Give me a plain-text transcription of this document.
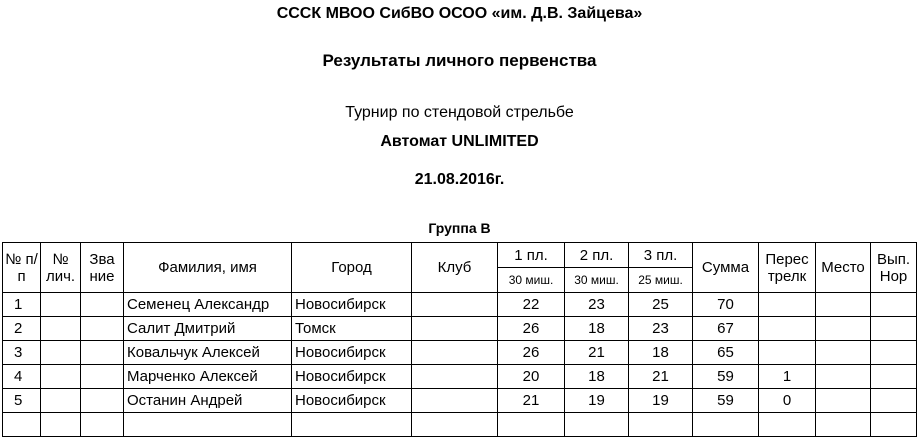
СССК МВОО СибВО ОСОО «им. Д.В. Зайцева»
Результаты личного первенства
Турнир по стендовой стрельбе
Автомат UNLIMITED
21.08.2016г.
Группа В
№ п/п	№ лич.	Зва ние	Фамилия, имя	Город	Клуб	1 пл.	2 пл.	3 пл.	Сумма	Перес трелк	Место	Вып. Нор
						30 миш.	30 миш.	25 миш.				
1			Семенец Александр	Новосибирск		22	23	25	70			
2			Салит Дмитрий	Томск		26	18	23	67			
3			Ковальчук Алексей	Новосибирск		26	21	18	65			
4			Марченко Алексей	Новосибирск		20	18	21	59	1		
5			Останин Андрей	Новосибирск		21	19	19	59	0		
